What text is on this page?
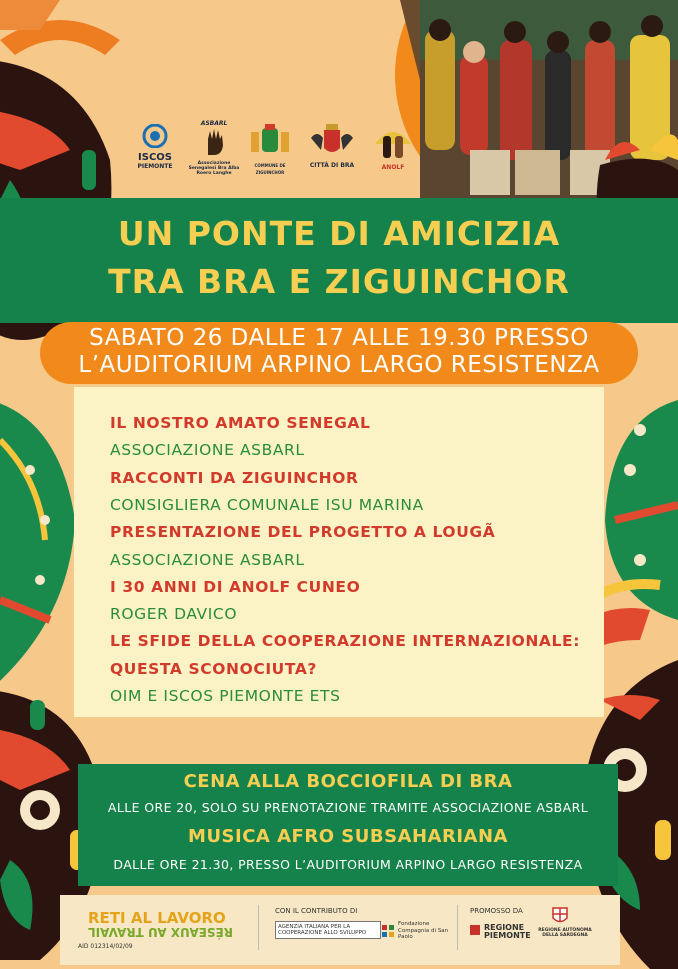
ISCOS
PIEMONTE
ASBARL
Associazione Senegalesi Bra Alba Roero Langhe
COMMUNE DE ZIGUINCHOR
CITTÀ DI BRA	ANOLF
UN PONTE DI AMICIZIA
TRA BRA E ZIGUINCHOR
SABATO 26 DALLE 17 ALLE 19.30 PRESSO
L’AUDITORIUM ARPINO LARGO RESISTENZA
IL NOSTRO AMATO SENEGAL
ASSOCIAZIONE ASBARL
RACCONTI DA ZIGUINCHOR
CONSIGLIERA COMUNALE ISU MARINA
PRESENTAZIONE DEL PROGETTO A LOUGÃ
ASSOCIAZIONE ASBARL
I 30 ANNI DI ANOLF CUNEO
ROGER DAVICO
LE SFIDE DELLA COOPERAZIONE INTERNAZIONALE:
QUESTA SCONOCIUTA?
OIM E ISCOS PIEMONTE ETS
CENA ALLA BOCCIOFILA DI BRA
ALLE ORE 20, SOLO SU PRENOTAZIONE TRAMITE ASSOCIAZIONE ASBARL
MUSICA AFRO SUBSAHARIANA
DALLE ORE 21.30, PRESSO L’AUDITORIUM ARPINO LARGO RESISTENZA
RETI AL LAVORO
RÉSEAUX AU TRAVAIL
AID 012314/02/09
CON IL CONTRIBUTO DI
AGENZIA ITALIANA PER LA COOPERAZIONE ALLO SVILUPPO
Fondazione Compagnia di San Paolo
PROMOSSO DA
REGIONE PIEMONTE
REGIONE AUTÒNOMA DELLA SARDEGNA
